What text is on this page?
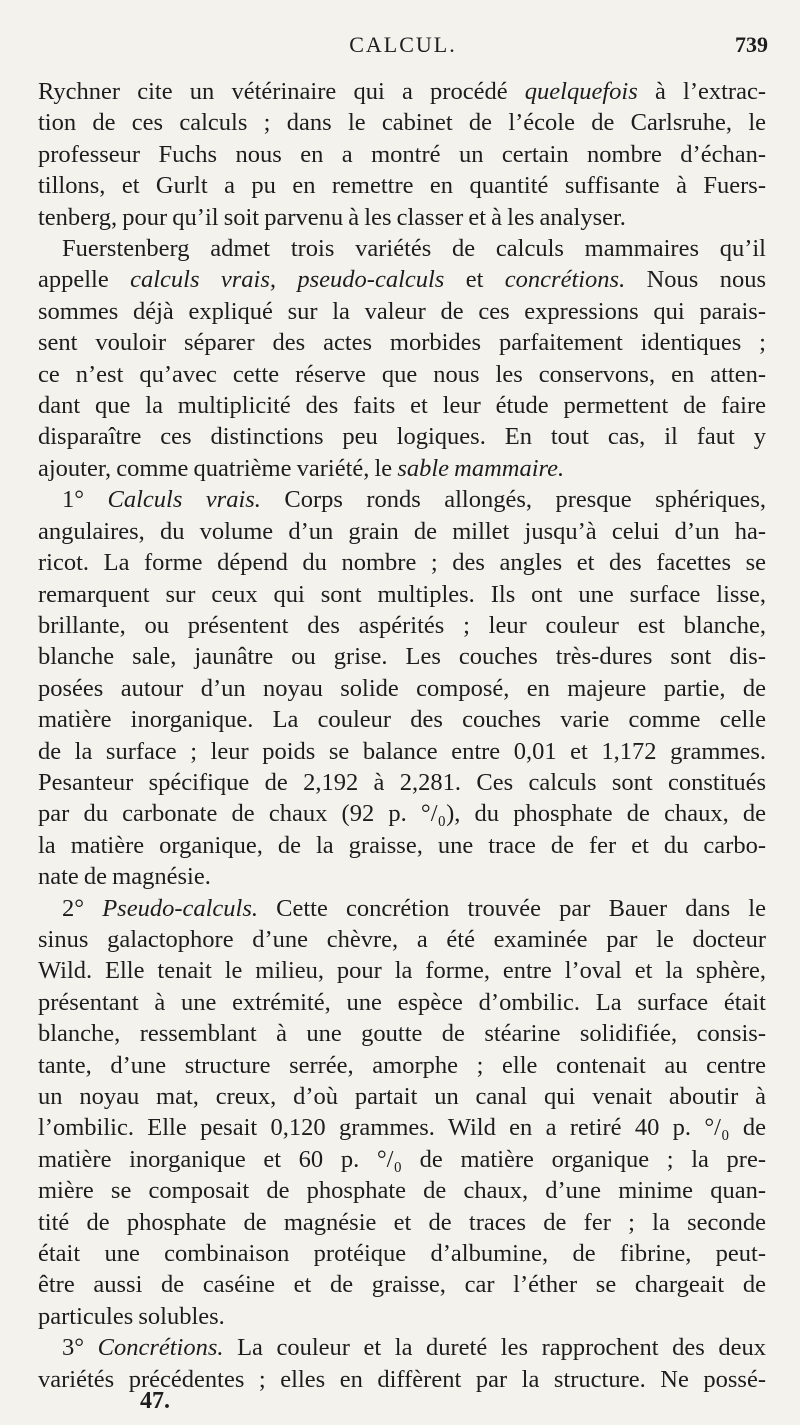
CALCUL.	739

Rychner cite un vétérinaire qui a procédé quelquefois à l’extrac-
tion de ces calculs ; dans le cabinet de l’école de Carlsruhe, le
professeur Fuchs nous en a montré un certain nombre d’échan-
tillons, et Gurlt a pu en remettre en quantité suffisante à Fuers-
tenberg, pour qu’il soit parvenu à les classer et à les analyser.

Fuerstenberg admet trois variétés de calculs mammaires qu’il
appelle calculs vrais, pseudo-calculs et concrétions. Nous nous
sommes déjà expliqué sur la valeur de ces expressions qui parais-
sent vouloir séparer des actes morbides parfaitement identiques ;
ce n’est qu’avec cette réserve que nous les conservons, en atten-
dant que la multiplicité des faits et leur étude permettent de faire
disparaître ces distinctions peu logiques. En tout cas, il faut y
ajouter, comme quatrième variété, le sable mammaire.

1° Calculs vrais. Corps ronds allongés, presque sphériques,
angulaires, du volume d’un grain de millet jusqu’à celui d’un ha-
ricot. La forme dépend du nombre ; des angles et des facettes se
remarquent sur ceux qui sont multiples. Ils ont une surface lisse,
brillante, ou présentent des aspérités ; leur couleur est blanche,
blanche sale, jaunâtre ou grise. Les couches très-dures sont dis-
posées autour d’un noyau solide composé, en majeure partie, de
matière inorganique. La couleur des couches varie comme celle
de la surface ; leur poids se balance entre 0,01 et 1,172 grammes.
Pesanteur spécifique de 2,192 à 2,281. Ces calculs sont constitués
par du carbonate de chaux (92 p. °/₀), du phosphate de chaux, de
la matière organique, de la graisse, une trace de fer et du carbo-
nate de magnésie.

2° Pseudo-calculs. Cette concrétion trouvée par Bauer dans le
sinus galactophore d’une chèvre, a été examinée par le docteur
Wild. Elle tenait le milieu, pour la forme, entre l’oval et la sphère,
présentant à une extrémité, une espèce d’ombilic. La surface était
blanche, ressemblant à une goutte de stéarine solidifiée, consis-
tante, d’une structure serrée, amorphe ; elle contenait au centre
un noyau mat, creux, d’où partait un canal qui venait aboutir à
l’ombilic. Elle pesait 0,120 grammes. Wild en a retiré 40 p. °/₀ de
matière inorganique et 60 p. °/₀ de matière organique ; la pre-
mière se composait de phosphate de chaux, d’une minime quan-
tité de phosphate de magnésie et de traces de fer ; la seconde
était une combinaison protéique d’albumine, de fibrine, peut-
être aussi de caséine et de graisse, car l’éther se chargeait de
particules solubles.

3° Concrétions. La couleur et la dureté les rapprochent des deux
variétés précédentes ; elles en diffèrent par la structure. Ne possé-

47.
